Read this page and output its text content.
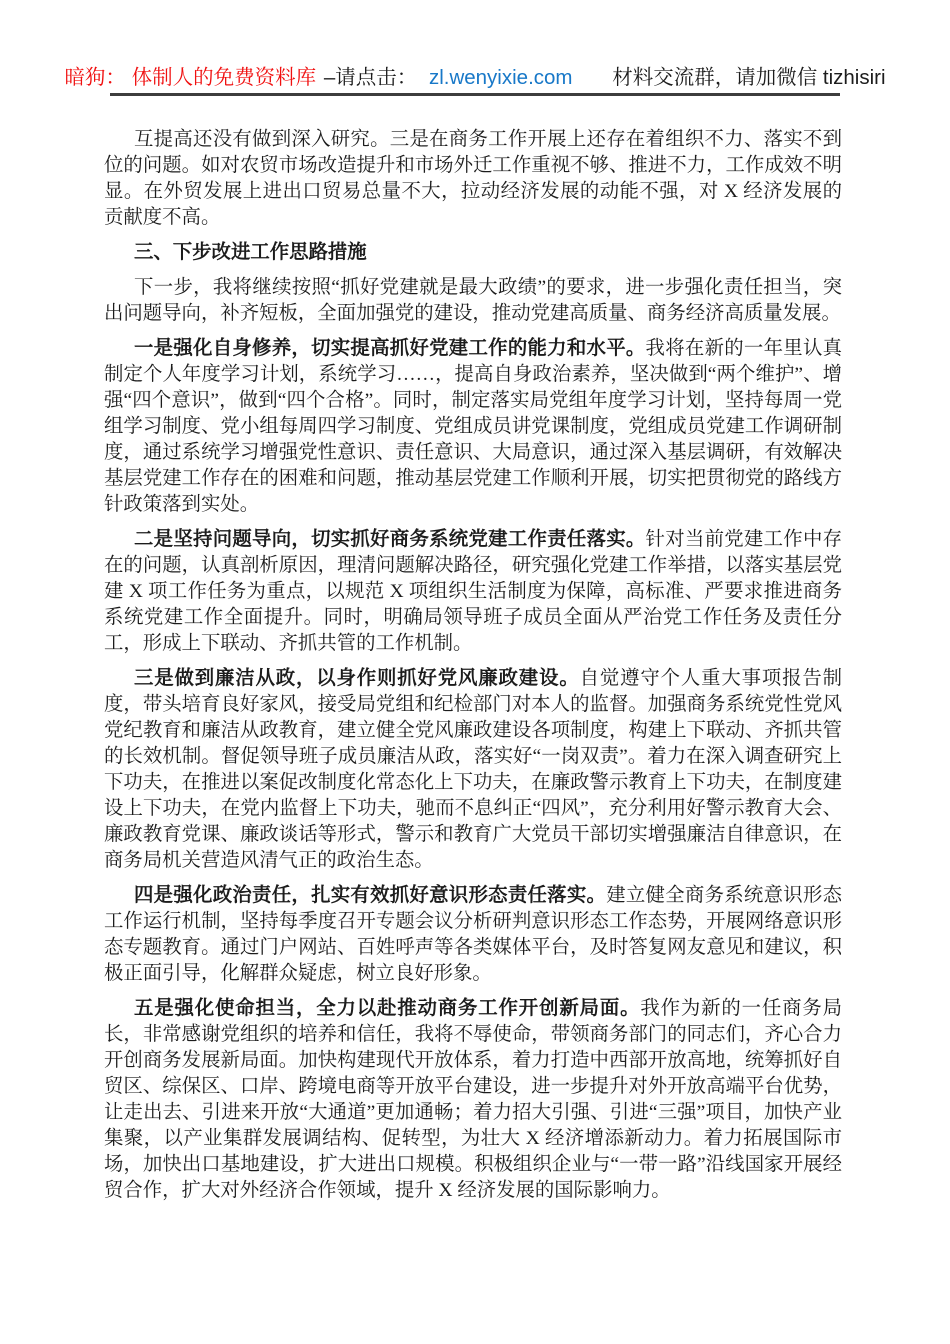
暗狗： 体制人的免费资料库 –请点击： zl.wenyixie.com 材料交流群，请加微信 tizhisiri

互提高还没有做到深入研究。三是在商务工作开展上还存在着组织不力、落实不到位的问题。如对农贸市场改造提升和市场外迁工作重视不够、推进不力，工作成效不明显。在外贸发展上进出口贸易总量不大，拉动经济发展的动能不强，对 X 经济发展的贡献度不高。

三、下步改进工作思路措施

下一步，我将继续按照“抓好党建就是最大政绩”的要求，进一步强化责任担当，突出问题导向，补齐短板，全面加强党的建设，推动党建高质量、商务经济高质量发展。

一是强化自身修养，切实提高抓好党建工作的能力和水平。我将在新的一年里认真制定个人年度学习计划，系统学习……，提高自身政治素养，坚决做到“两个维护”、增强“四个意识”，做到“四个合格”。同时，制定落实局党组年度学习计划，坚持每周一党组学习制度、党小组每周四学习制度、党组成员讲党课制度，党组成员党建工作调研制度，通过系统学习增强党性意识、责任意识、大局意识，通过深入基层调研，有效解决基层党建工作存在的困难和问题，推动基层党建工作顺利开展，切实把贯彻党的路线方针政策落到实处。

二是坚持问题导向，切实抓好商务系统党建工作责任落实。针对当前党建工作中存在的问题，认真剖析原因，理清问题解决路径，研究强化党建工作举措，以落实基层党建 X 项工作任务为重点，以规范 X 项组织生活制度为保障，高标准、严要求推进商务系统党建工作全面提升。同时，明确局领导班子成员全面从严治党工作任务及责任分工，形成上下联动、齐抓共管的工作机制。

三是做到廉洁从政，以身作则抓好党风廉政建设。自觉遵守个人重大事项报告制度，带头培育良好家风，接受局党组和纪检部门对本人的监督。加强商务系统党性党风党纪教育和廉洁从政教育，建立健全党风廉政建设各项制度，构建上下联动、齐抓共管的长效机制。督促领导班子成员廉洁从政，落实好“一岗双责”。着力在深入调查研究上下功夫，在推进以案促改制度化常态化上下功夫，在廉政警示教育上下功夫，在制度建设上下功夫，在党内监督上下功夫，驰而不息纠正“四风”，充分利用好警示教育大会、廉政教育党课、廉政谈话等形式，警示和教育广大党员干部切实增强廉洁自律意识，在商务局机关营造风清气正的政治生态。

四是强化政治责任，扎实有效抓好意识形态责任落实。建立健全商务系统意识形态工作运行机制，坚持每季度召开专题会议分析研判意识形态工作态势，开展网络意识形态专题教育。通过门户网站、百姓呼声等各类媒体平台，及时答复网友意见和建议，积极正面引导，化解群众疑虑，树立良好形象。

五是强化使命担当，全力以赴推动商务工作开创新局面。我作为新的一任商务局长，非常感谢党组织的培养和信任，我将不辱使命，带领商务部门的同志们，齐心合力开创商务发展新局面。加快构建现代开放体系，着力打造中西部开放高地，统筹抓好自贸区、综保区、口岸、跨境电商等开放平台建设，进一步提升对外开放高端平台优势，让走出去、引进来开放“大通道”更加通畅；着力招大引强、引进“三强”项目，加快产业集聚，以产业集群发展调结构、促转型，为壮大 X 经济增添新动力。着力拓展国际市场，加快出口基地建设，扩大进出口规模。积极组织企业与“一带一路”沿线国家开展经贸合作，扩大对外经济合作领域，提升 X 经济发展的国际影响力。
